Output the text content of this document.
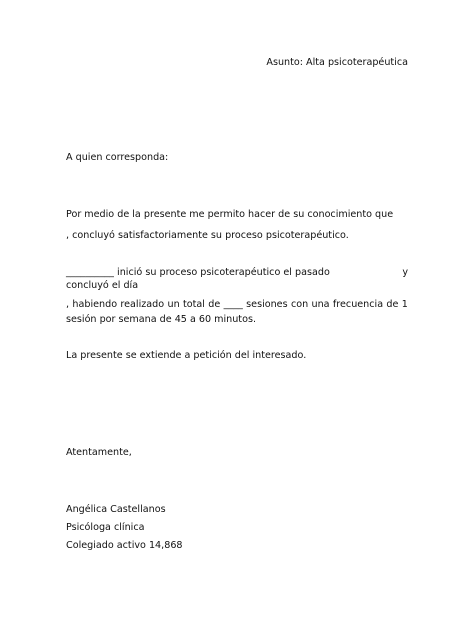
Asunto: Alta psicoterapéutica
A quien corresponda:
Por medio de la presente me permito hacer de su conocimiento que
, concluyó satisfactoriamente su proceso psicoterapéutico.
__________ inició su proceso psicoterapéutico el pasado	y
concluyó el día
, habiendo realizado un total de ____ sesiones con una frecuencia de 1
sesión por semana de 45 a 60 minutos.
La presente se extiende a petición del interesado.
Atentamente,
Angélica Castellanos
Psicóloga clínica
Colegiado activo 14,868
